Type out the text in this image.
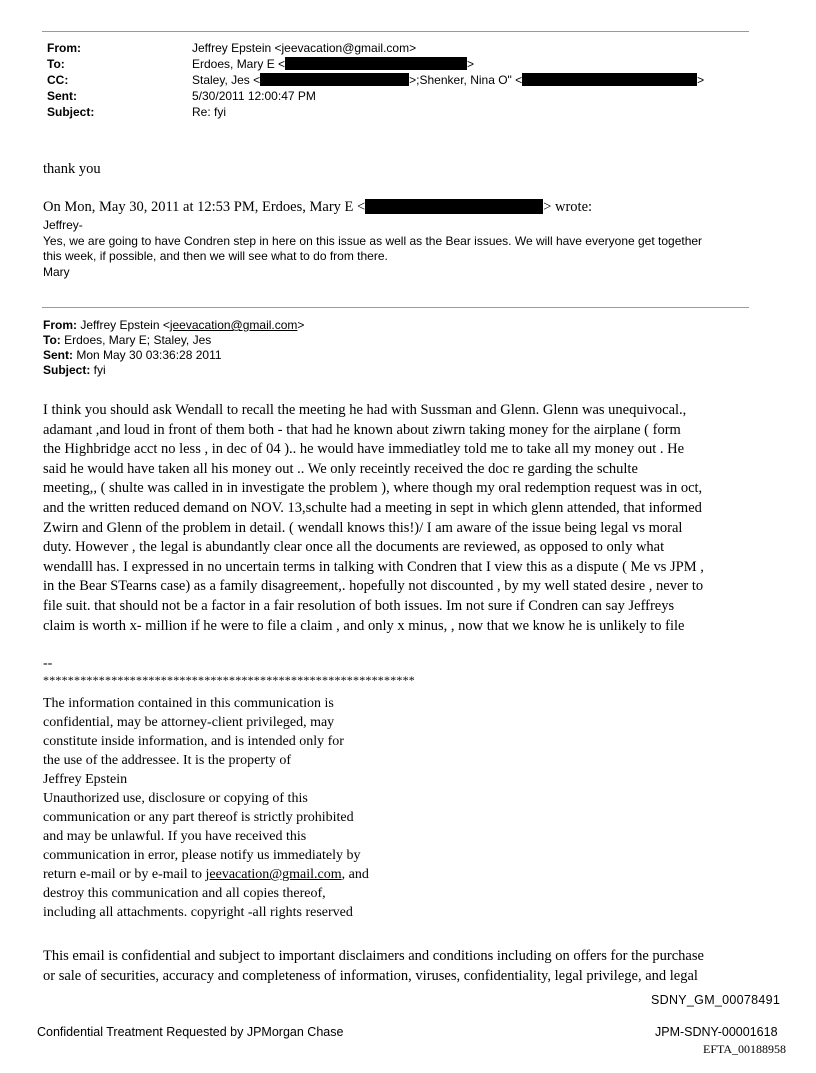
From:	Jeffrey Epstein <jeevacation@gmail.com>
To:	Erdoes, Mary E <	>
CC:	Staley, Jes <	>;Shenker, Nina O" <	>
Sent:	5/30/2011 12:00:47 PM
Subject:	Re: fyi
thank you
On Mon, May 30, 2011 at 12:53 PM, Erdoes, Mary E <	> wrote:
Jeffrey-
Yes, we are going to have Condren step in here on this issue as well as the Bear issues. We will have everyone get together
this week, if possible, and then we will see what to do from there.
Mary
From: Jeffrey Epstein <jeevacation@gmail.com>
To: Erdoes, Mary E; Staley, Jes
Sent: Mon May 30 03:36:28 2011
Subject: fyi
I think you should ask Wendall to recall the meeting he had with Sussman and Glenn. Glenn was unequivocal.,
adamant ,and loud in front of them both - that had he known about ziwrn taking money for the airplane ( form
the Highbridge acct no less , in dec of 04 ).. he would have immediatley told me to take all my money out . He
said he would have taken all his money out .. We only receintly received the doc re garding the schulte
meeting,, ( shulte was called in in investigate the problem ), where though my oral redemption request was in oct,
and the written reduced demand on NOV. 13,schulte had a meeting in sept in which glenn attended, that informed
Zwirn and Glenn of the problem in detail. ( wendall knows this!)/ I am aware of the issue being legal vs moral
duty. However , the legal is abundantly clear once all the documents are reviewed, as opposed to only what
wendalll has. I expressed in no uncertain terms in talking with Condren that I view this as a dispute ( Me vs JPM ,
in the Bear STearns case) as a family disagreement,. hopefully not discounted , by my well stated desire , never to
file suit. that should not be a factor in a fair resolution of both issues. Im not sure if Condren can say Jeffreys
claim is worth x- million if he were to file a claim , and only x minus, , now that we know he is unlikely to file
--
************************************************************
The information contained in this communication is
confidential, may be attorney-client privileged, may
constitute inside information, and is intended only for
the use of the addressee. It is the property of
Jeffrey Epstein
Unauthorized use, disclosure or copying of this
communication or any part thereof is strictly prohibited
and may be unlawful. If you have received this
communication in error, please notify us immediately by
return e-mail or by e-mail to jeevacation@gmail.com, and
destroy this communication and all copies thereof,
including all attachments. copyright -all rights reserved
This email is confidential and subject to important disclaimers and conditions including on offers for the purchase
or sale of securities, accuracy and completeness of information, viruses, confidentiality, legal privilege, and legal
SDNY_GM_00078491
Confidential Treatment Requested by JPMorgan Chase	JPM-SDNY-00001618
EFTA_00188958
